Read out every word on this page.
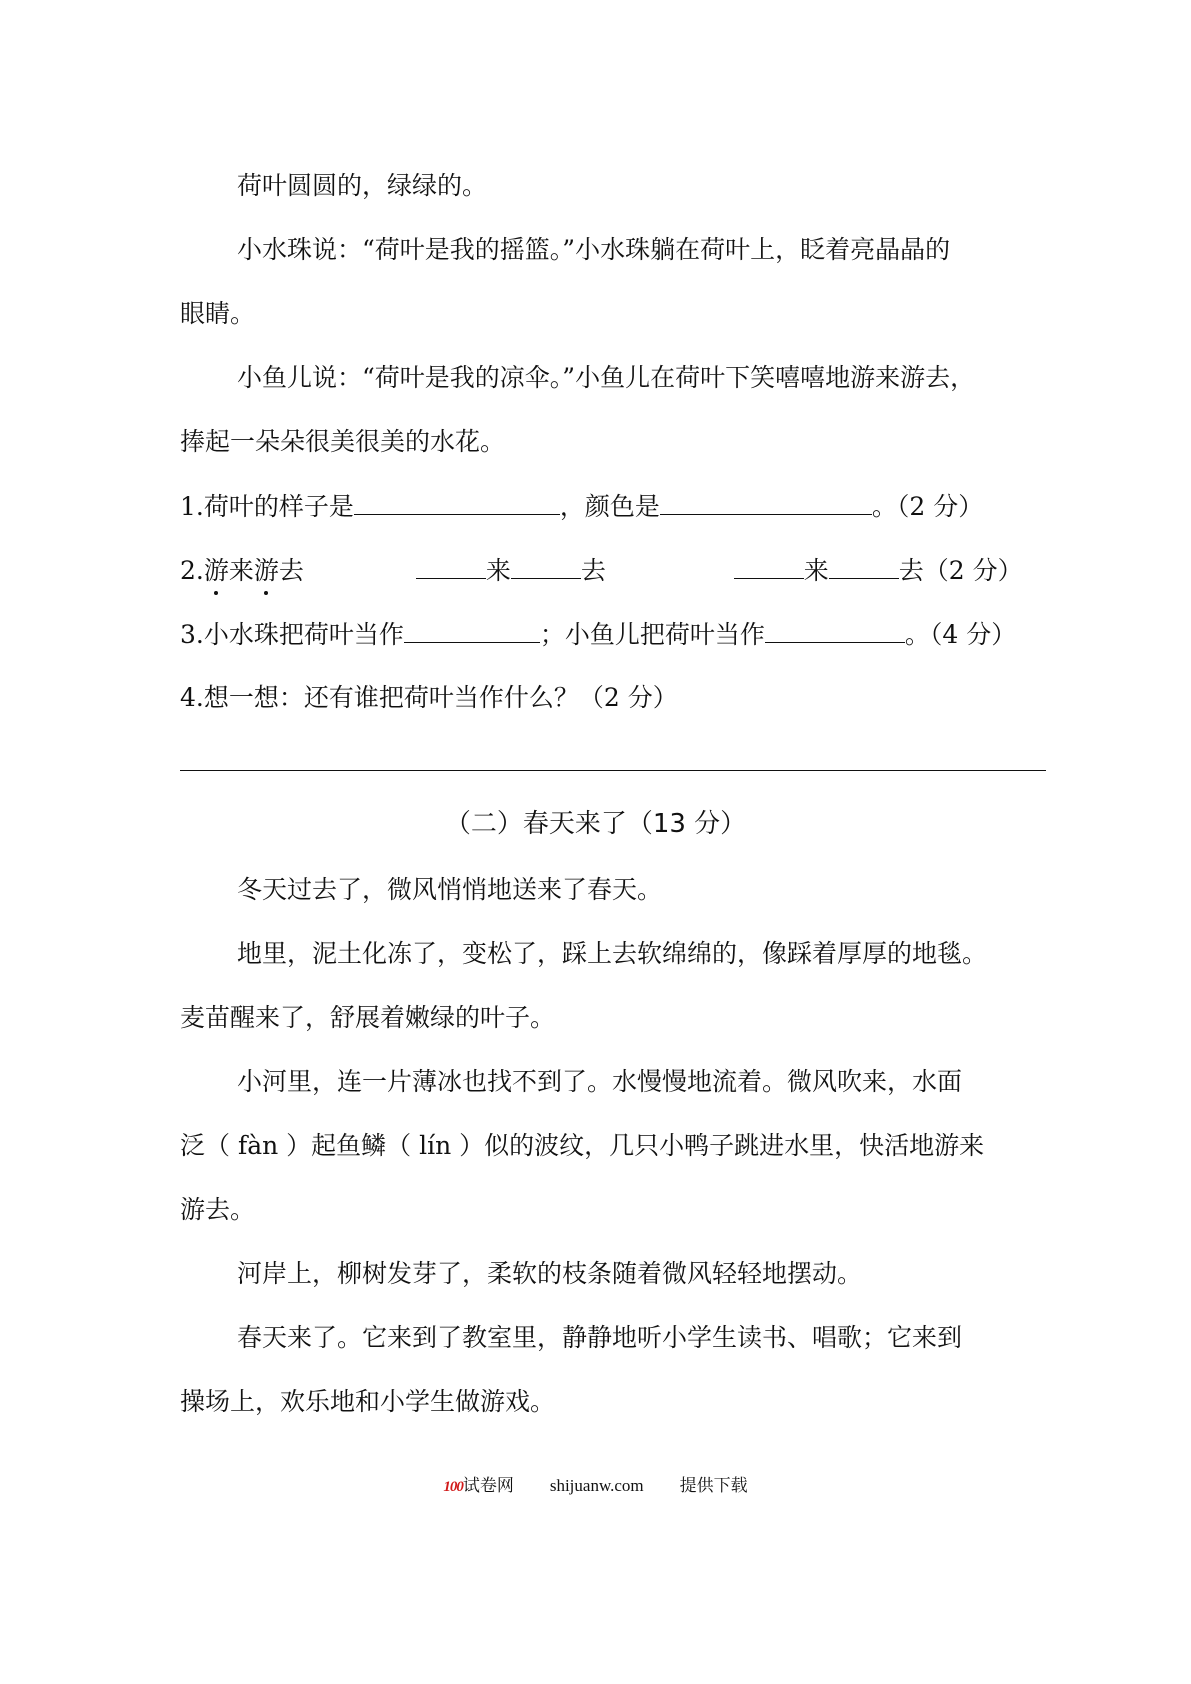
荷叶圆圆的，绿绿的。
小水珠说：“荷叶是我的摇篮。”小水珠躺在荷叶上，眨着亮晶晶的
眼睛。
小鱼儿说：“荷叶是我的凉伞。”小鱼儿在荷叶下笑嘻嘻地游来游去，
捧起一朵朵很美很美的水花。
1.荷叶的样子是	，颜色是	。（2 分）
2.游来游去	来	去	来	去（2 分）
3.小水珠把荷叶当作	；小鱼儿把荷叶当作	。（4 分）
4.想一想：还有谁把荷叶当作什么？（2 分）
（二）春天来了（13 分）
冬天过去了，微风悄悄地送来了春天。
地里，泥土化冻了，变松了，踩上去软绵绵的，像踩着厚厚的地毯。
麦苗醒来了，舒展着嫩绿的叶子。
小河里，连一片薄冰也找不到了。水慢慢地流着。微风吹来，水面
泛（ fàn ）起鱼鳞（ lín ）似的波纹，几只小鸭子跳进水里，快活地游来
游去。
河岸上，柳树发芽了，柔软的枝条随着微风轻轻地摆动。
春天来了。它来到了教室里，静静地听小学生读书、唱歌；它来到
操场上，欢乐地和小学生做游戏。
100试卷网 shijuanw.com 提供下载
